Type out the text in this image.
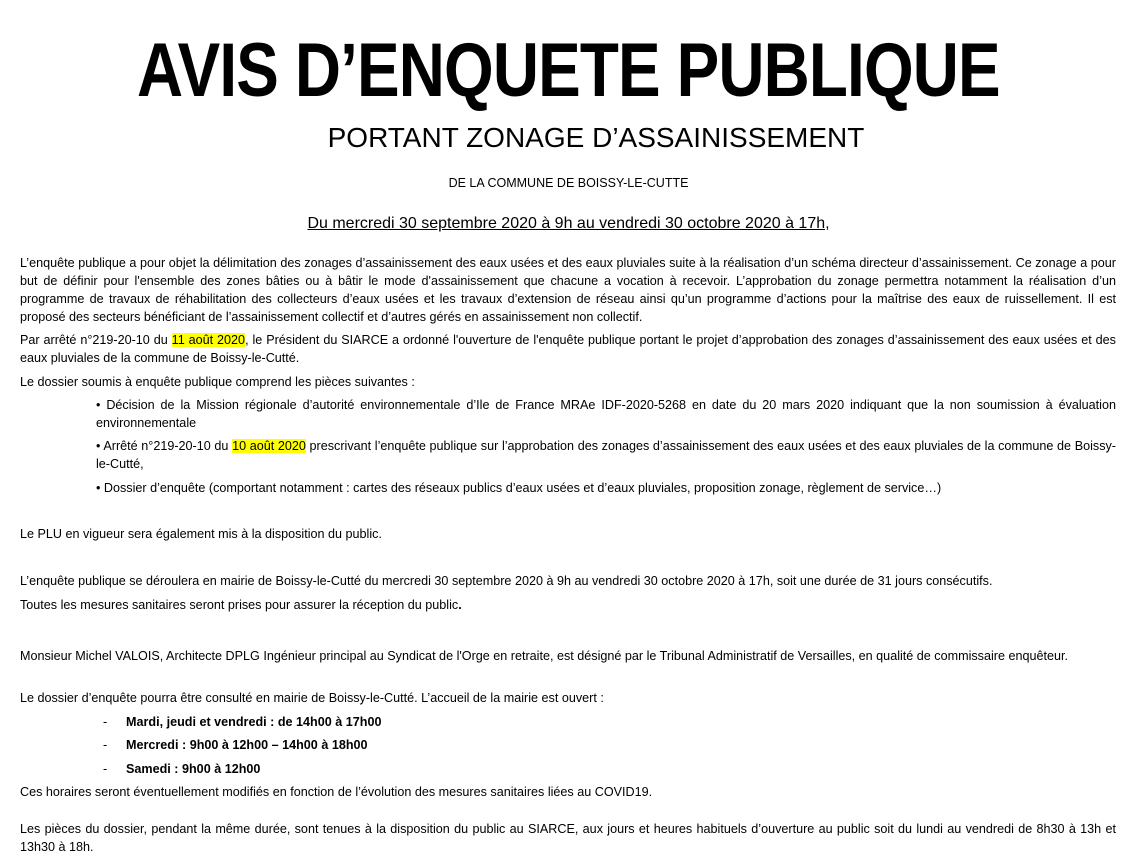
AVIS D’ENQUETE PUBLIQUE
PORTANT ZONAGE D’ASSAINISSEMENT
DE LA COMMUNE DE BOISSY-LE-CUTTE
Du mercredi 30 septembre 2020 à 9h au vendredi 30 octobre 2020 à 17h,
L’enquête publique a pour objet la délimitation des zonages d’assainissement des eaux usées et des eaux pluviales suite à la réalisation d’un schéma directeur d’assainissement. Ce zonage a pour but de définir pour l'ensemble des zones bâties ou à bâtir le mode d'assainissement que chacune a vocation à recevoir. L’approbation du zonage permettra notamment la réalisation d’un programme de travaux de réhabilitation des collecteurs d’eaux usées et les travaux d’extension de réseau ainsi qu’un programme d’actions pour la maîtrise des eaux de ruissellement. Il est proposé des secteurs bénéficiant de l’assainissement collectif et d’autres gérés en assainissement non collectif.
Par arrêté n°219-20-10 du 11 août 2020, le Président du SIARCE a ordonné l'ouverture de l'enquête publique portant le projet d’approbation des zonages d’assainissement des eaux usées et des eaux pluviales de la commune de Boissy-le-Cutté.
Le dossier soumis à enquête publique comprend les pièces suivantes :
• Décision de la Mission régionale d’autorité environnementale d’Ile de France MRAe IDF-2020-5268 en date du 20 mars 2020 indiquant que la non soumission à évaluation environnementale
• Arrêté n°219-20-10 du 10 août 2020 prescrivant l’enquête publique sur l’approbation des zonages d’assainissement des eaux usées et des eaux pluviales de la commune de Boissy-le-Cutté,
• Dossier d’enquête (comportant notamment : cartes des réseaux publics d’eaux usées et d’eaux pluviales, proposition zonage, règlement de service…)
Le PLU en vigueur sera également mis à la disposition du public.
L’enquête publique se déroulera en mairie de Boissy-le-Cutté du mercredi 30 septembre 2020 à 9h au vendredi 30 octobre 2020 à 17h, soit une durée de 31 jours consécutifs.
Toutes les mesures sanitaires seront prises pour assurer la réception du public.
Monsieur Michel VALOIS, Architecte DPLG Ingénieur principal au Syndicat de l'Orge en retraite, est désigné par le Tribunal Administratif de Versailles, en qualité de commissaire enquêteur.
Le dossier d’enquête pourra être consulté en mairie de Boissy-le-Cutté. L’accueil de la mairie est ouvert :
- Mardi, jeudi et vendredi : de 14h00 à 17h00
- Mercredi : 9h00 à 12h00 – 14h00 à 18h00
- Samedi : 9h00 à 12h00
Ces horaires seront éventuellement modifiés en fonction de l’évolution des mesures sanitaires liées au COVID19.
Les pièces du dossier, pendant la même durée, sont tenues à la disposition du public au SIARCE, aux jours et heures habituels d’ouverture au public soit du lundi au vendredi de 8h30 à 13h et 13h30 à 18h.
